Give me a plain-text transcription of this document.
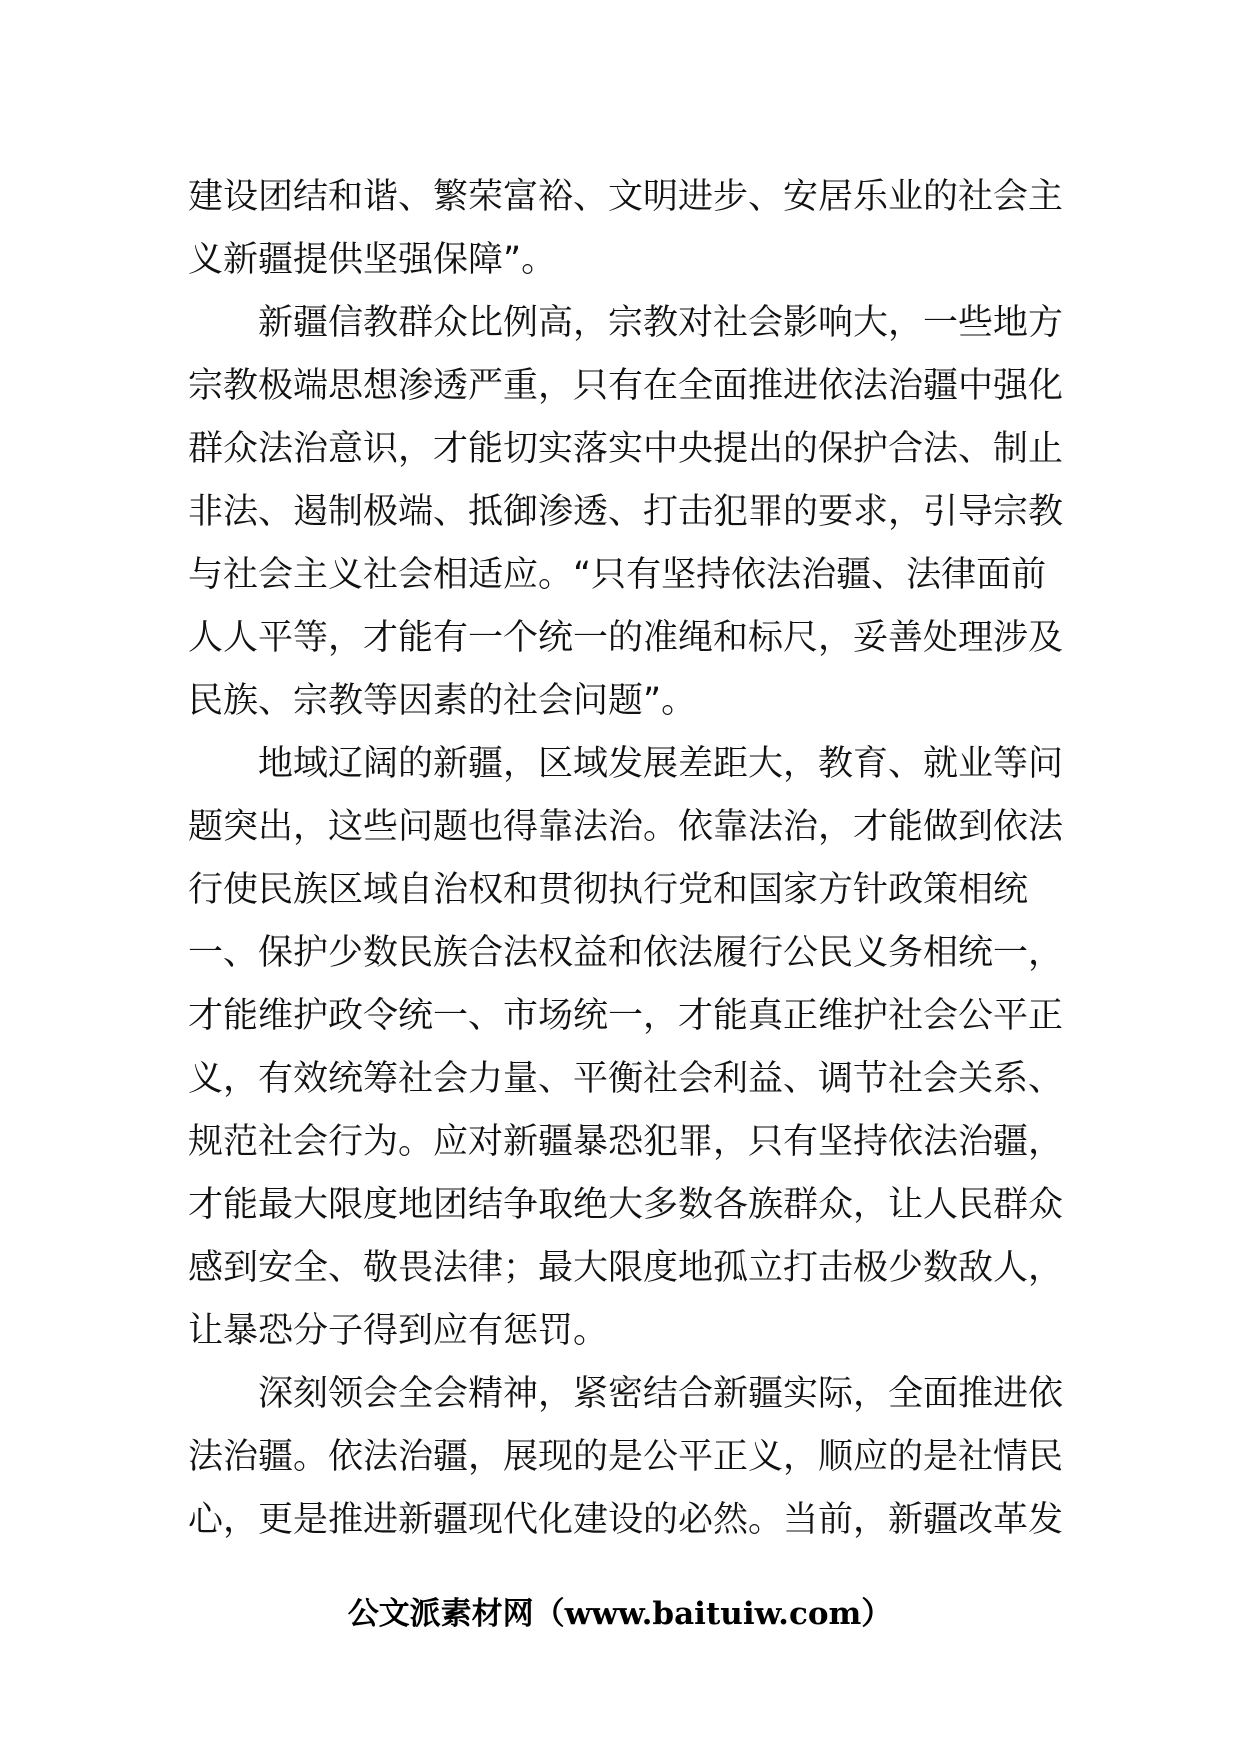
建设团结和谐、繁荣富裕、文明进步、安居乐业的社会主
义新疆提供坚强保障”。
　　新疆信教群众比例高，宗教对社会影响大，一些地方
宗教极端思想渗透严重，只有在全面推进依法治疆中强化
群众法治意识，才能切实落实中央提出的保护合法、制止
非法、遏制极端、抵御渗透、打击犯罪的要求，引导宗教
与社会主义社会相适应。“只有坚持依法治疆、法律面前
人人平等，才能有一个统一的准绳和标尺，妥善处理涉及
民族、宗教等因素的社会问题”。
　　地域辽阔的新疆，区域发展差距大，教育、就业等问
题突出，这些问题也得靠法治。依靠法治，才能做到依法
行使民族区域自治权和贯彻执行党和国家方针政策相统
一、保护少数民族合法权益和依法履行公民义务相统一，
才能维护政令统一、市场统一，才能真正维护社会公平正
义，有效统筹社会力量、平衡社会利益、调节社会关系、
规范社会行为。应对新疆暴恐犯罪，只有坚持依法治疆，
才能最大限度地团结争取绝大多数各族群众，让人民群众
感到安全、敬畏法律；最大限度地孤立打击极少数敌人，
让暴恐分子得到应有惩罚。
　　深刻领会全会精神，紧密结合新疆实际，全面推进依
法治疆。依法治疆，展现的是公平正义，顺应的是社情民
心，更是推进新疆现代化建设的必然。当前，新疆改革发
公文派素材网（www.baituiw.com）
